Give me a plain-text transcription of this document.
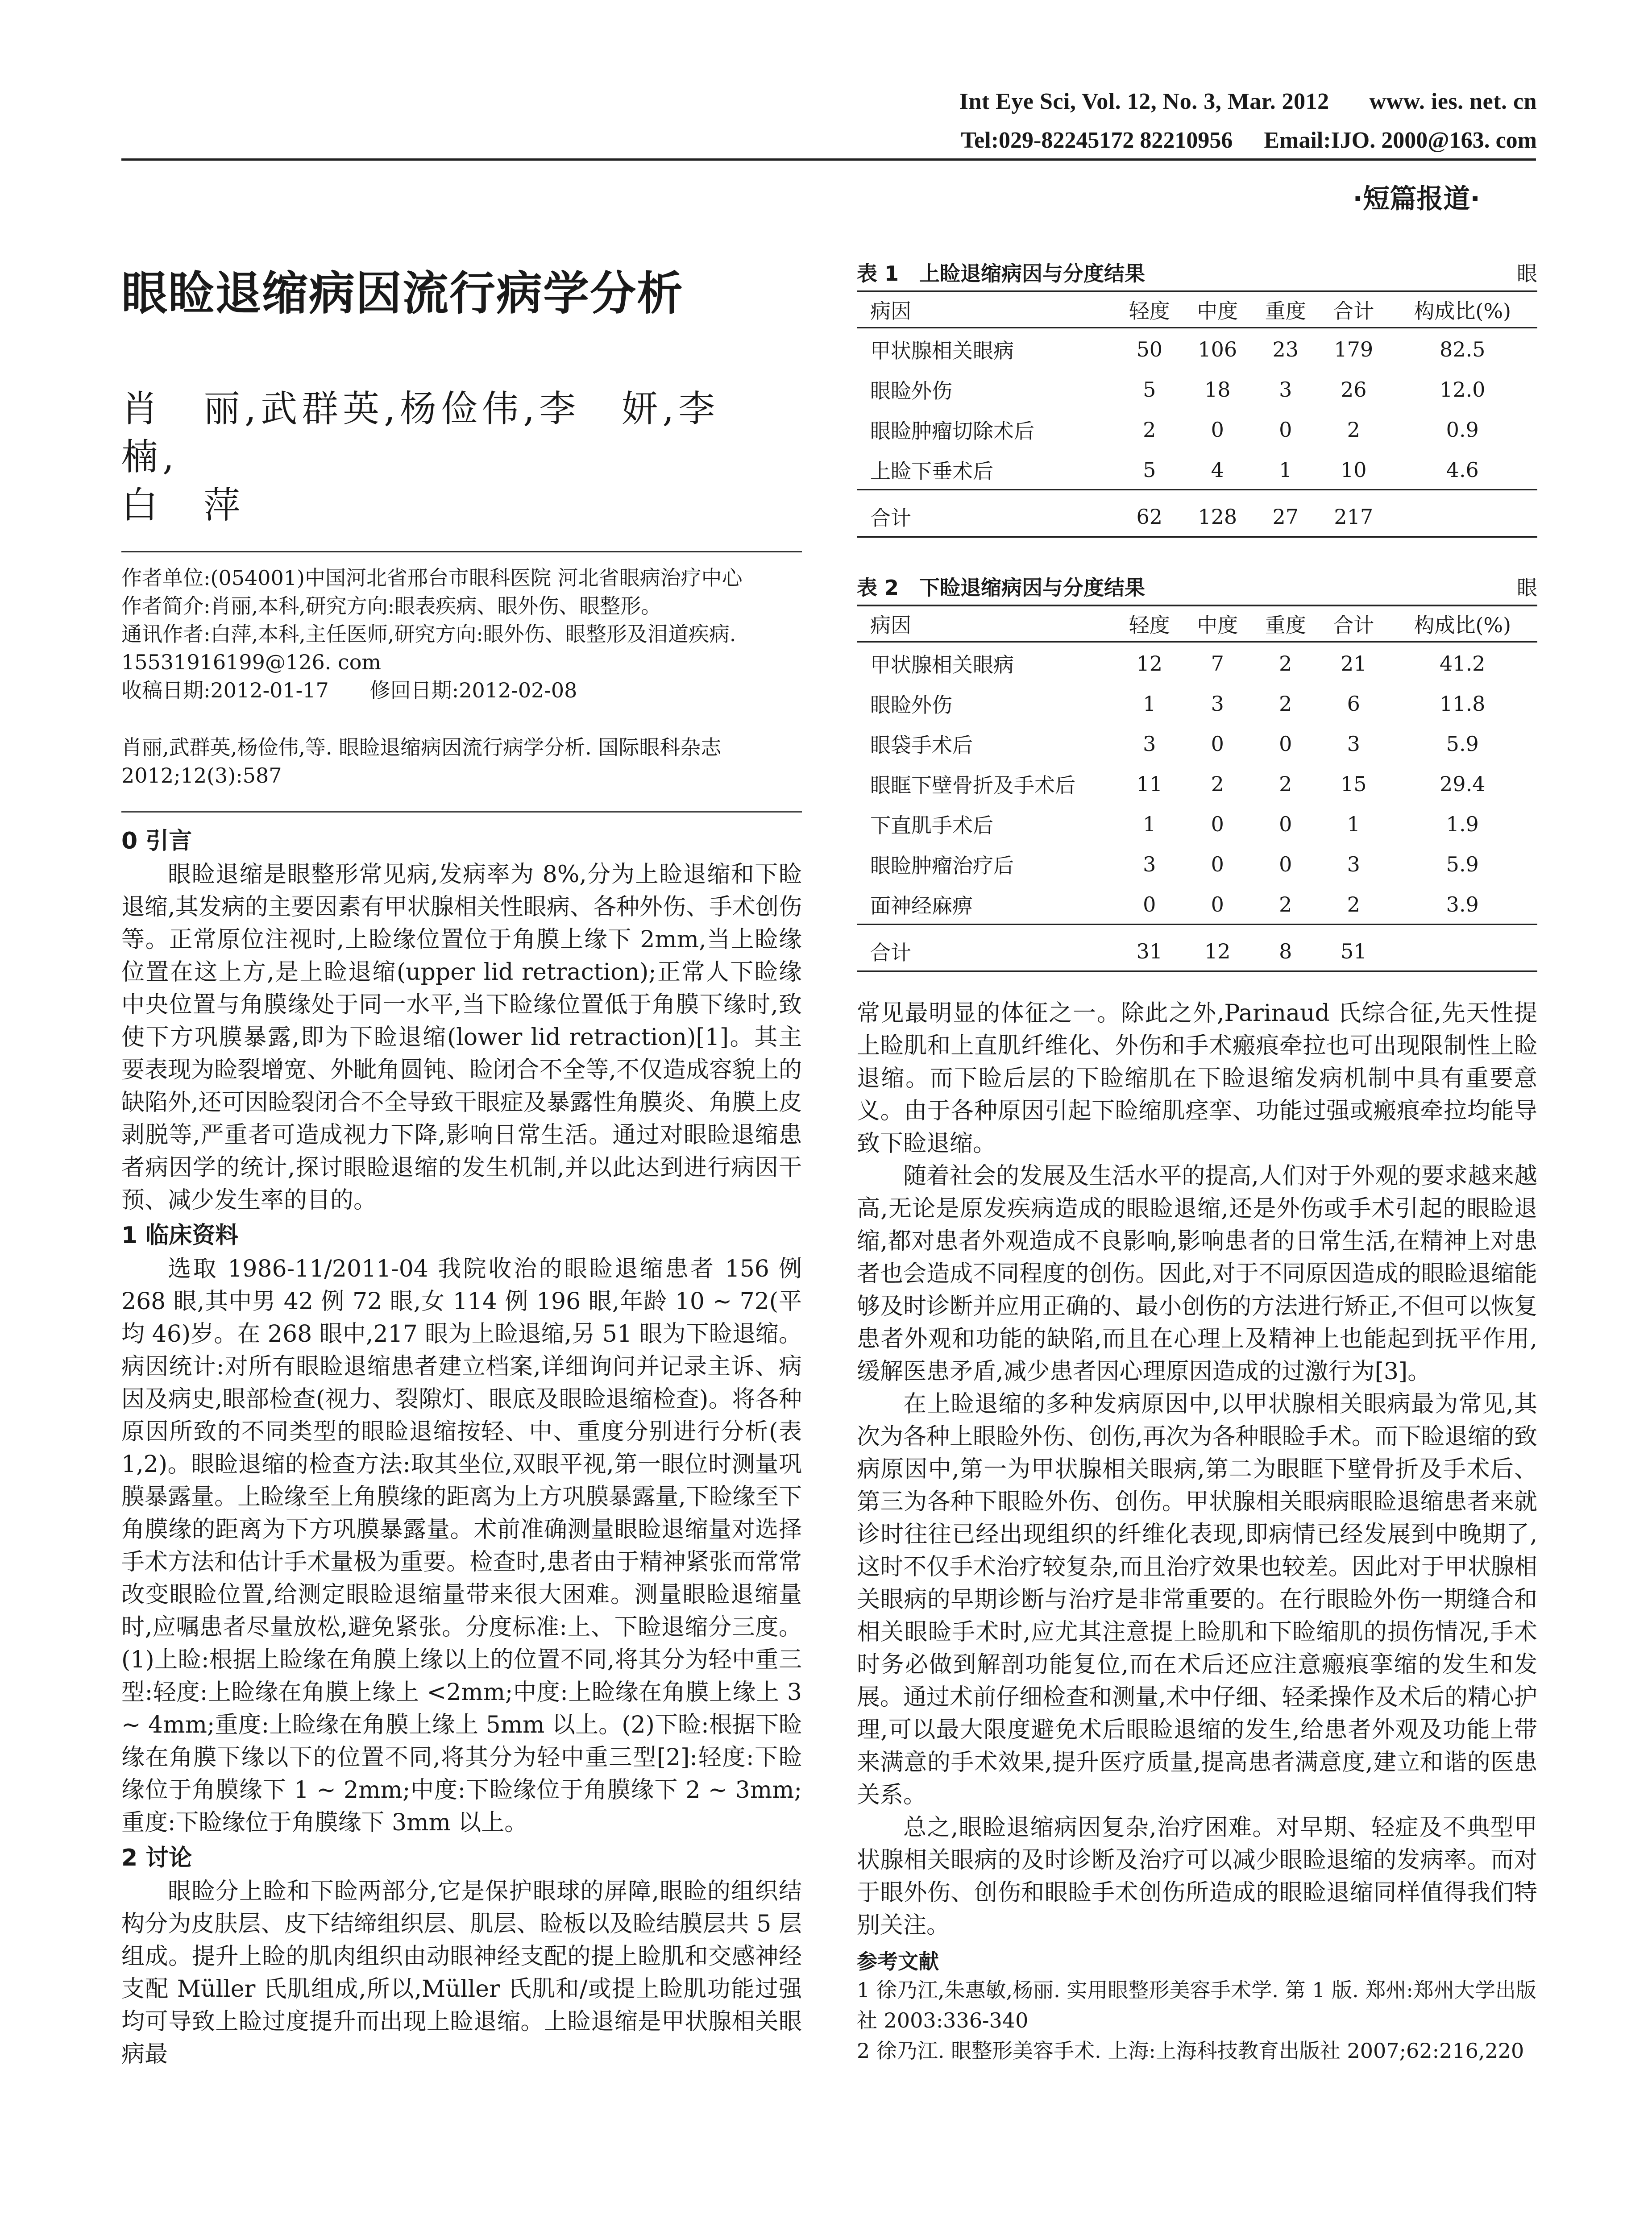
Int Eye Sci, Vol. 12, No. 3, Mar. 2012 www. ies. net. cn
Tel:029-82245172 82210956 Email:IJO. 2000@163. com
·短篇报道·
眼睑退缩病因流行病学分析
肖　丽,武群英,杨俭伟,李　妍,李　楠,
白　萍

作者单位:(054001)中国河北省邢台市眼科医院 河北省眼病治疗中心

作者简介:肖丽,本科,研究方向:眼表疾病、眼外伤、眼整形。

通讯作者:白萍,本科,主任医师,研究方向:眼外伤、眼整形及泪道疾病. 15531916199@126. com

收稿日期:2012-01-17　　修回日期:2012-02-08

肖丽,武群英,杨俭伟,等. 眼睑退缩病因流行病学分析. 国际眼科杂志 2012;12(3):587
0 引言

眼睑退缩是眼整形常见病,发病率为 8%,分为上睑退缩和下睑退缩,其发病的主要因素有甲状腺相关性眼病、各种外伤、手术创伤等。正常原位注视时,上睑缘位置位于角膜上缘下 2mm,当上睑缘位置在这上方,是上睑退缩(upper lid retraction);正常人下睑缘中央位置与角膜缘处于同一水平,当下睑缘位置低于角膜下缘时,致使下方巩膜暴露,即为下睑退缩(lower lid retraction)[1]。其主要表现为睑裂增宽、外眦角圆钝、睑闭合不全等,不仅造成容貌上的缺陷外,还可因睑裂闭合不全导致干眼症及暴露性角膜炎、角膜上皮剥脱等,严重者可造成视力下降,影响日常生活。通过对眼睑退缩患者病因学的统计,探讨眼睑退缩的发生机制,并以此达到进行病因干预、减少发生率的目的。

1 临床资料

选取 1986-11/2011-04 我院收治的眼睑退缩患者 156 例 268 眼,其中男 42 例 72 眼,女 114 例 196 眼,年龄 10 ~ 72(平均 46)岁。在 268 眼中,217 眼为上睑退缩,另 51 眼为下睑退缩。病因统计:对所有眼睑退缩患者建立档案,详细询问并记录主诉、病因及病史,眼部检查(视力、裂隙灯、眼底及眼睑退缩检查)。将各种原因所致的不同类型的眼睑退缩按轻、中、重度分别进行分析(表 1,2)。眼睑退缩的检查方法:取其坐位,双眼平视,第一眼位时测量巩膜暴露量。上睑缘至上角膜缘的距离为上方巩膜暴露量,下睑缘至下角膜缘的距离为下方巩膜暴露量。术前准确测量眼睑退缩量对选择手术方法和估计手术量极为重要。检查时,患者由于精神紧张而常常改变眼睑位置,给测定眼睑退缩量带来很大困难。测量眼睑退缩量时,应嘱患者尽量放松,避免紧张。分度标准:上、下睑退缩分三度。(1)上睑:根据上睑缘在角膜上缘以上的位置不同,将其分为轻中重三型:轻度:上睑缘在角膜上缘上 <2mm;中度:上睑缘在角膜上缘上 3 ~ 4mm;重度:上睑缘在角膜上缘上 5mm 以上。(2)下睑:根据下睑缘在角膜下缘以下的位置不同,将其分为轻中重三型[2]:轻度:下睑缘位于角膜缘下 1 ~ 2mm;中度:下睑缘位于角膜缘下 2 ~ 3mm;重度:下睑缘位于角膜缘下 3mm 以上。

2 讨论

眼睑分上睑和下睑两部分,它是保护眼球的屏障,眼睑的组织结构分为皮肤层、皮下结缔组织层、肌层、睑板以及睑结膜层共 5 层组成。提升上睑的肌肉组织由动眼神经支配的提上睑肌和交感神经支配 Müller 氏肌组成,所以,Müller 氏肌和/或提上睑肌功能过强均可导致上睑过度提升而出现上睑退缩。上睑退缩是甲状腺相关眼病最

表 1　上睑退缩病因与分度结果	眼
病因	轻度	中度	重度	合计	构成比(%)
甲状腺相关眼病	50	106	23	179	82.5
眼睑外伤	5	18	3	26	12.0
眼睑肿瘤切除术后	2	0	0	2	0.9
上睑下垂术后	5	4	1	10	4.6
合计	62	128	27	217	
表 2　下睑退缩病因与分度结果	眼
病因	轻度	中度	重度	合计	构成比(%)
甲状腺相关眼病	12	7	2	21	41.2
眼睑外伤	1	3	2	6	11.8
眼袋手术后	3	0	0	3	5.9
眼眶下壁骨折及手术后	11	2	2	15	29.4
下直肌手术后	1	0	0	1	1.9
眼睑肿瘤治疗后	3	0	0	3	5.9
面神经麻痹	0	0	2	2	3.9
合计	31	12	8	51	

常见最明显的体征之一。除此之外,Parinaud 氏综合征,先天性提上睑肌和上直肌纤维化、外伤和手术瘢痕牵拉也可出现限制性上睑退缩。而下睑后层的下睑缩肌在下睑退缩发病机制中具有重要意义。由于各种原因引起下睑缩肌痉挛、功能过强或瘢痕牵拉均能导致下睑退缩。

随着社会的发展及生活水平的提高,人们对于外观的要求越来越高,无论是原发疾病造成的眼睑退缩,还是外伤或手术引起的眼睑退缩,都对患者外观造成不良影响,影响患者的日常生活,在精神上对患者也会造成不同程度的创伤。因此,对于不同原因造成的眼睑退缩能够及时诊断并应用正确的、最小创伤的方法进行矫正,不但可以恢复患者外观和功能的缺陷,而且在心理上及精神上也能起到抚平作用,缓解医患矛盾,减少患者因心理原因造成的过激行为[3]。

在上睑退缩的多种发病原因中,以甲状腺相关眼病最为常见,其次为各种上眼睑外伤、创伤,再次为各种眼睑手术。而下睑退缩的致病原因中,第一为甲状腺相关眼病,第二为眼眶下壁骨折及手术后、第三为各种下眼睑外伤、创伤。甲状腺相关眼病眼睑退缩患者来就诊时往往已经出现组织的纤维化表现,即病情已经发展到中晚期了,这时不仅手术治疗较复杂,而且治疗效果也较差。因此对于甲状腺相关眼病的早期诊断与治疗是非常重要的。在行眼睑外伤一期缝合和相关眼睑手术时,应尤其注意提上睑肌和下睑缩肌的损伤情况,手术时务必做到解剖功能复位,而在术后还应注意瘢痕挛缩的发生和发展。通过术前仔细检查和测量,术中仔细、轻柔操作及术后的精心护理,可以最大限度避免术后眼睑退缩的发生,给患者外观及功能上带来满意的手术效果,提升医疗质量,提高患者满意度,建立和谐的医患关系。

总之,眼睑退缩病因复杂,治疗困难。对早期、轻症及不典型甲状腺相关眼病的及时诊断及治疗可以减少眼睑退缩的发病率。而对于眼外伤、创伤和眼睑手术创伤所造成的眼睑退缩同样值得我们特别关注。

参考文献

1 徐乃江,朱惠敏,杨丽. 实用眼整形美容手术学. 第 1 版. 郑州:郑州大学出版社 2003:336-340

2 徐乃江. 眼整形美容手术. 上海:上海科技教育出版社 2007;62:216,220
